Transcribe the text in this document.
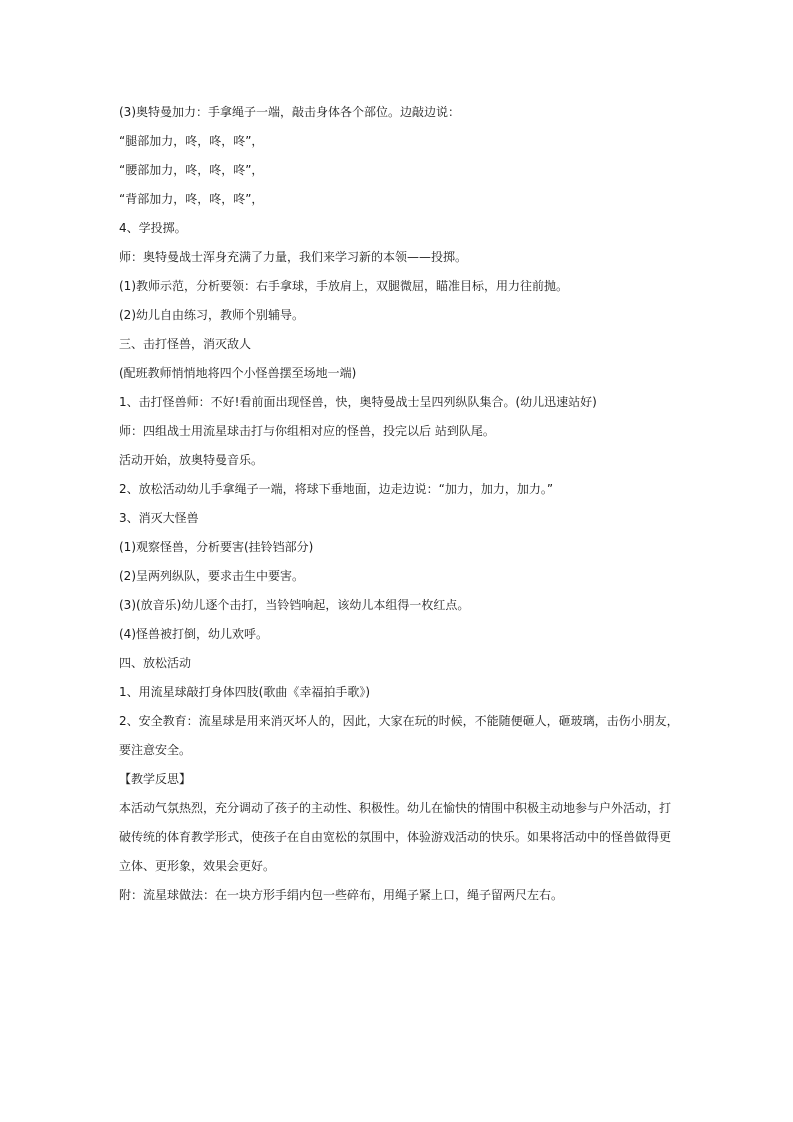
(3)奥特曼加力：手拿绳子一端，敲击身体各个部位。边敲边说：
“腿部加力，咚，咚，咚”，
“腰部加力，咚，咚，咚”，
“背部加力，咚，咚，咚”，
4、学投掷。
师：奥特曼战士浑身充满了力量，我们来学习新的本领——投掷。
(1)教师示范，分析要领：右手拿球，手放肩上，双腿微屈，瞄准目标，用力往前抛。
(2)幼儿自由练习，教师个别辅导。
三、击打怪兽，消灭敌人
(配班教师悄悄地将四个小怪兽摆至场地一端)
1、击打怪兽师：不好!看前面出现怪兽，快，奥特曼战士呈四列纵队集合。(幼儿迅速站好)
师：四组战士用流星球击打与你组相对应的怪兽，投完以后 站到队尾。
活动开始，放奥特曼音乐。
2、放松活动幼儿手拿绳子一端，将球下垂地面，边走边说：“加力，加力，加力。”
3、消灭大怪兽
(1)观察怪兽，分析要害(挂铃铛部分)
(2)呈两列纵队，要求击生中要害。
(3)(放音乐)幼儿逐个击打，当铃铛响起，该幼儿本组得一枚红点。
(4)怪兽被打倒，幼儿欢呼。
四、放松活动
1、用流星球敲打身体四肢(歌曲《幸福拍手歌》)
2、安全教育：流星球是用来消灭坏人的，因此，大家在玩的时候，不能随便砸人，砸玻璃，击伤小朋友，
要注意安全。
【教学反思】
本活动气氛热烈，充分调动了孩子的主动性、积极性。幼儿在愉快的情围中积极主动地参与户外活动，打
破传统的体育教学形式，使孩子在自由宽松的氛围中，体验游戏活动的快乐。如果将活动中的怪兽做得更
立体、更形象，效果会更好。
附：流星球做法：在一块方形手绢内包一些碎布，用绳子紧上口，绳子留两尺左右。
